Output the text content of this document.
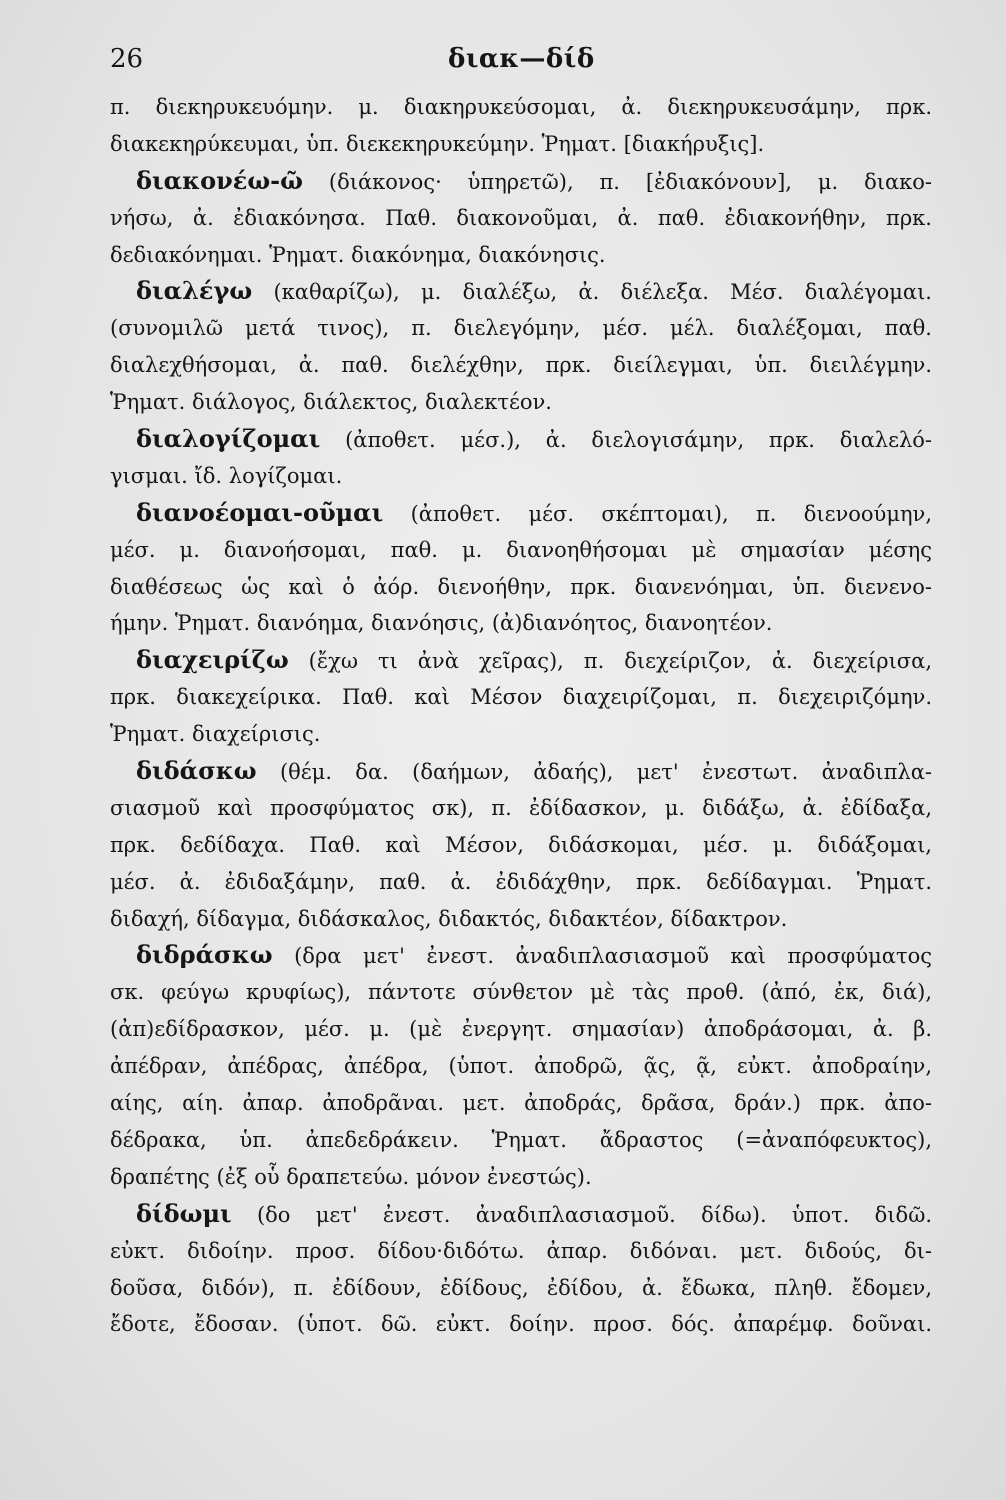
26	διακ—δίδ
π. διεκηρυκευόμην. μ. διακηρυκεύσομαι, ἀ. διεκηρυκευσάμην, πρκ.
διακεκηρύκευμαι, ὑπ. διεκεκηρυκεύμην. Ῥηματ. [διακήρυξις].
διακονέω-ῶ (διάκονος· ὑπηρετῶ), π. [ἐδιακόνουν], μ. διακο-
νήσω, ἀ. ἐδιακόνησα. Παθ. διακονοῦμαι, ἀ. παθ. ἐδιακονήθην, πρκ.
δεδιακόνημαι. Ῥηματ. διακόνημα, διακόνησις.
διαλέγω (καθαρίζω), μ. διαλέξω, ἀ. διέλεξα. Μέσ. διαλέγομαι.
(συνομιλῶ μετά τινος), π. διελεγόμην, μέσ. μέλ. διαλέξομαι, παθ.
διαλεχθήσομαι, ἀ. παθ. διελέχθην, πρκ. διείλεγμαι, ὑπ. διειλέγμην.
Ῥηματ. διάλογος, διάλεκτος, διαλεκτέον.
διαλογίζομαι (ἀποθετ. μέσ.), ἀ. διελογισάμην, πρκ. διαλελό-
γισμαι. ἴδ. λογίζομαι.
διανοέομαι-οῦμαι (ἀποθετ. μέσ. σκέπτομαι), π. διενοούμην,
μέσ. μ. διανοήσομαι, παθ. μ. διανοηθήσομαι μὲ σημασίαν μέσης
διαθέσεως ὡς καὶ ὁ ἀόρ. διενοήθην, πρκ. διανενόημαι, ὑπ. διενενο-
ήμην. Ῥηματ. διανόημα, διανόησις, (ἀ)διανόητος, διανοητέον.
διαχειρίζω (ἔχω τι ἀνὰ χεῖρας), π. διεχείριζον, ἀ. διεχείρισα,
πρκ. διακεχείρικα. Παθ. καὶ Μέσον διαχειρίζομαι, π. διεχειριζόμην.
Ῥηματ. διαχείρισις.
διδάσκω (θέμ. δα. (δαήμων, ἀδαής), μετ' ἐνεστωτ. ἀναδιπλα-
σιασμοῦ καὶ προσφύματος σκ), π. ἐδίδασκον, μ. διδάξω, ἀ. ἐδίδαξα,
πρκ. δεδίδαχα. Παθ. καὶ Μέσον, διδάσκομαι, μέσ. μ. διδάξομαι,
μέσ. ἀ. ἐδιδαξάμην, παθ. ἀ. ἐδιδάχθην, πρκ. δεδίδαγμαι. Ῥηματ.
διδαχή, δίδαγμα, διδάσκαλος, διδακτός, διδακτέον, δίδακτρον.
διδράσκω (δρα μετ' ἐνεστ. ἀναδιπλασιασμοῦ καὶ προσφύματος
σκ. φεύγω κρυφίως), πάντοτε σύνθετον μὲ τὰς προθ. (ἀπό, ἐκ, διά),
(ἀπ)εδίδρασκον, μέσ. μ. (μὲ ἐνεργητ. σημασίαν) ἀποδράσομαι, ἀ. β.
ἀπέδραν, ἀπέδρας, ἀπέδρα, (ὑποτ. ἀποδρῶ, ᾷς, ᾷ, εὐκτ. ἀποδραίην,
αίης, αίη. ἀπαρ. ἀποδρᾶναι. μετ. ἀποδράς, δρᾶσα, δράν.) πρκ. ἀπο-
δέδρακα, ὑπ. ἀπεδεδράκειν. Ῥηματ. ἄδραστος (=ἀναπόφευκτος),
δραπέτης (ἐξ οὗ δραπετεύω. μόνον ἐνεστώς).
δίδωμι (δο μετ' ἐνεστ. ἀναδιπλασιασμοῦ. δίδω). ὑποτ. διδῶ.
εὐκτ. διδοίην. προσ. δίδου·διδότω. ἀπαρ. διδόναι. μετ. διδούς, δι-
δοῦσα, διδόν), π. ἐδίδουν, ἐδίδους, ἐδίδου, ἀ. ἔδωκα, πληθ. ἔδομεν,
ἔδοτε, ἔδοσαν. (ὑποτ. δῶ. εὐκτ. δοίην. προσ. δός. ἀπαρέμφ. δοῦναι.
